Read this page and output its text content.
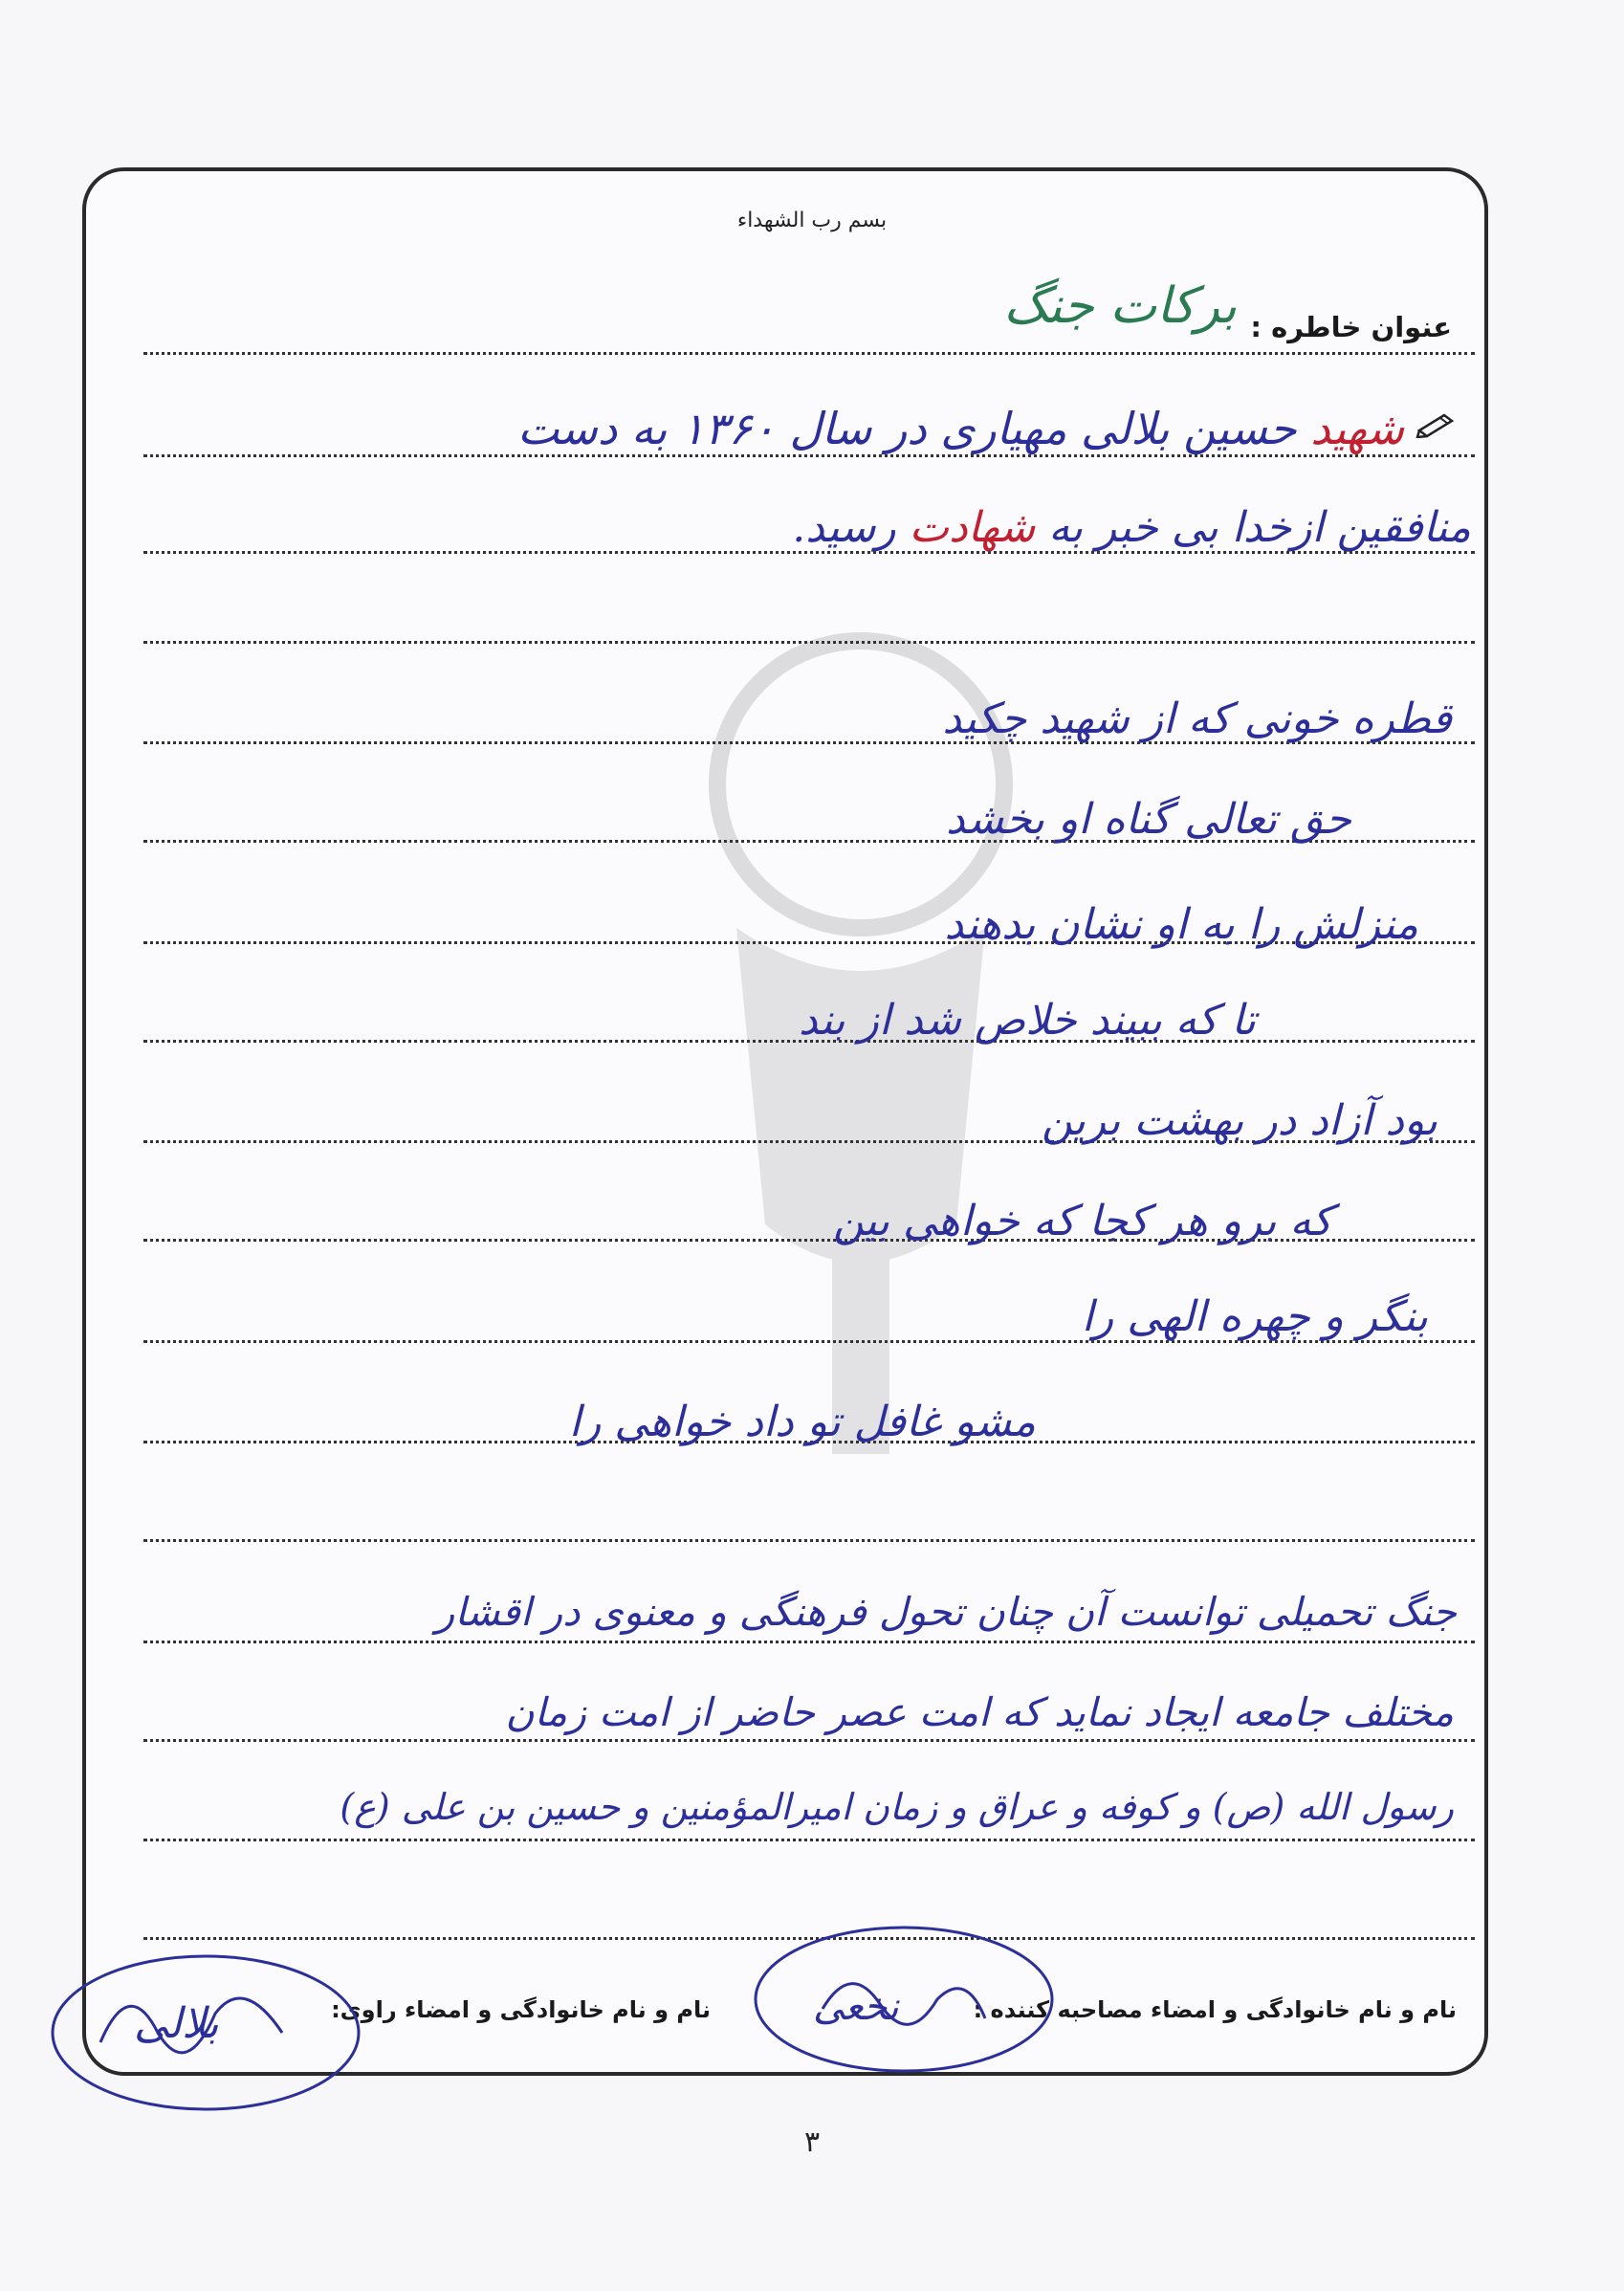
بسم رب الشهداء
عنوان خاطره :
برکات جنگ
شهید حسین بلالی مهیاری در سال ۱۳۶۰ به دست
منافقین ازخدا بی خبر به شهادت رسید.
قطره خونی که از شهید چکید
حق تعالی گناه او بخشد
منزلش را به او نشان بدهند
تا که ببیند خلاص شد از بند
بود آزاد در بهشت برین
که برو هر کجا که خواهی بین
بنگر و چهره الهی را
مشو غافل تو داد خواهی را
جنگ تحمیلی توانست آن چنان تحول فرهنگی و معنوی در اقشار
مختلف جامعه ایجاد نماید که امت عصر حاضر از امت زمان
رسول الله (ص) و کوفه و عراق و زمان امیرالمؤمنین و حسین بن علی (ع)
نام و نام خانوادگی و امضاء مصاحبه کننده :
نام و نام خانوادگی و امضاء راوی:	نخعی
بلالی
۳
